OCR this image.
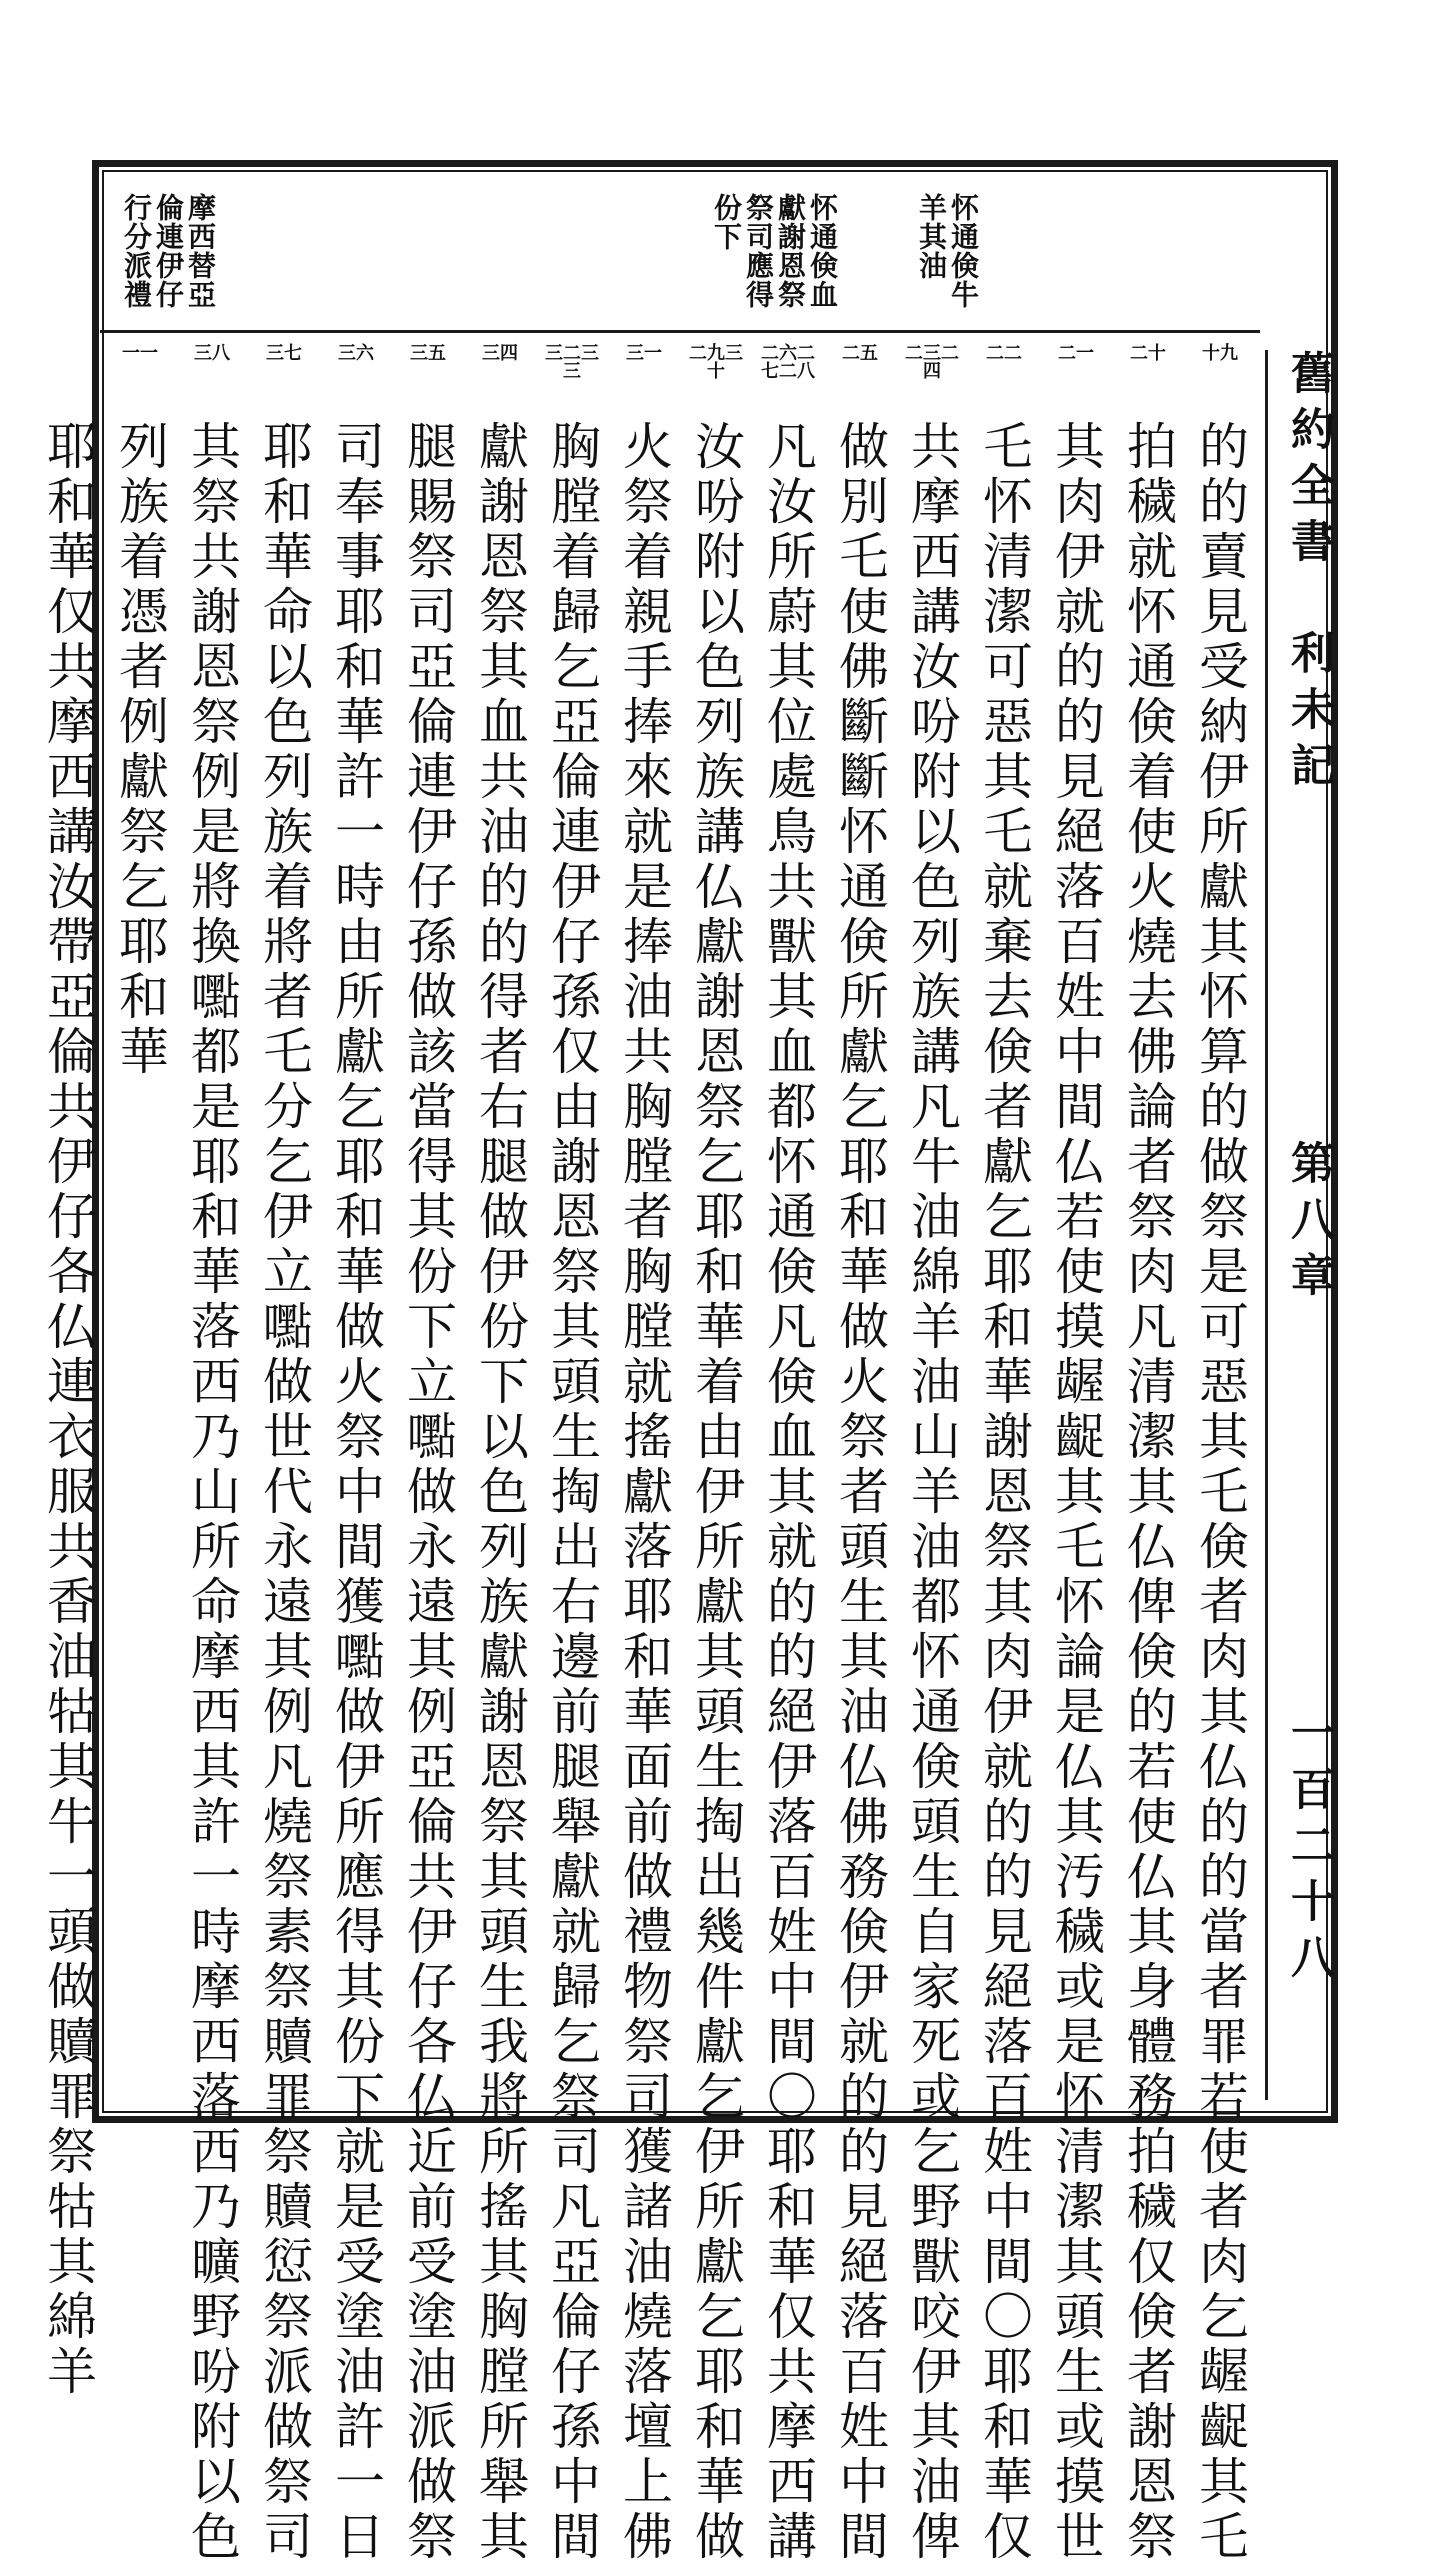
怀通倹牛
羊其油
怀通倹血
獻謝恩祭
祭司應得
份下
摩西替亞
倫連伊仔
行分派禮
舊約全書　利未記
第八章
一百二十八
十九
二十
二一
二二
二三二四
二五
二六二七二八
二九三十
三一
三二三三
三四
三五
三六
三七
三八
一一
的的賣見受納伊所獻其怀算的做祭是可惡其乇倹者肉其仏的的當者罪若使者肉乞龌齪其乇
拍穢就怀通倹着使火燒去佛論者祭肉凡清潔其仏俾倹的若使仏其身體務拍穢仅倹者謝恩祭
其肉伊就的的見絕落百姓中間仏若使摸龌齪其乇怀論是仏其汚穢或是怀清潔其頭生或摸世
乇怀清潔可惡其乇就棄去倹者獻乞耶和華謝恩祭其肉伊就的的見絕落百姓中間〇耶和華仅
共摩西講汝吩附以色列族講凡牛油綿羊油山羊油都怀通倹頭生自家死或乞野獸咬伊其油俾
做別乇使佛斷斷怀通倹所獻乞耶和華做火祭者頭生其油仏佛務倹伊就的的見絕落百姓中間
凡汝所蔚其位處鳥共獸其血都怀通倹凡倹血其就的的絕伊落百姓中間〇耶和華仅共摩西講
汝吩附以色列族講仏獻謝恩祭乞耶和華着由伊所獻其頭生掏出幾件獻乞伊所獻乞耶和華做
火祭着親手捧來就是捧油共胸膛者胸膛就搖獻落耶和華面前做禮物祭司獲諸油燒落壇上佛
胸膛着歸乞亞倫連伊仔孫仅由謝恩祭其頭生掏出右邊前腿舉獻就歸乞祭司凡亞倫仔孫中間
獻謝恩祭其血共油的的得者右腿做伊份下以色列族獻謝恩祭其頭生我將所搖其胸膛所舉其
腿賜祭司亞倫連伊仔孫做該當得其份下立嚸做永遠其例亞倫共伊仔各仏近前受塗油派做祭
司奉事耶和華許一時由所獻乞耶和華做火祭中間獲嚸做伊所應得其份下就是受塗油許一日
耶和華命以色列族着將者乇分乞伊立嚸做世代永遠其例凡燒祭素祭贖罪祭贖愆祭派做祭司
其祭共謝恩祭例是將換嚸都是耶和華落西乃山所命摩西其許一時摩西落西乃曠野吩附以色
列族着憑者例獻祭乞耶和華
耶和華仅共摩西講汝帶亞倫共伊仔各仏連衣服共香油牯其牛一頭做贖罪祭牯其綿羊
